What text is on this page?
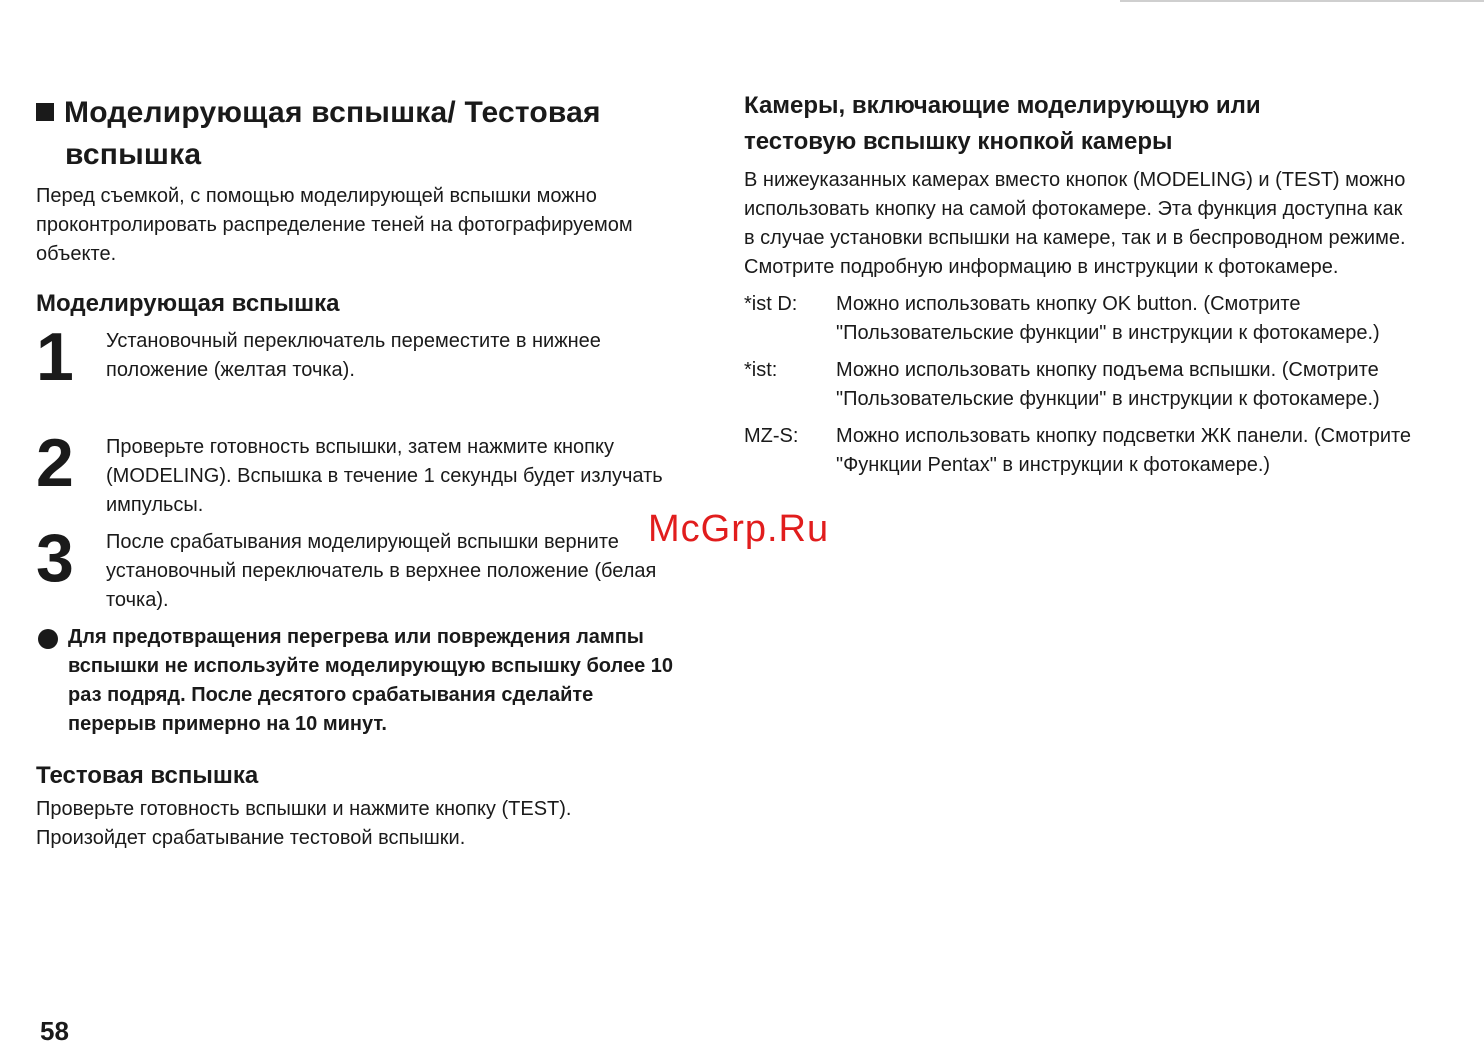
Моделирующая вспышка/ Тестовая
вспышка

Перед съемкой, с помощью моделирующей вспышки можно проконтролировать распределение теней на фотографируемом объекте.

Моделирующая вспышка
1 Установочный переключатель переместите в нижнее положение (желтая точка).
2 Проверьте готовность вспышки, затем нажмите кнопку (MODELING). Вспышка в течение 1 секунды будет излучать импульсы.
3 После срабатывания моделирующей вспышки верните установочный переключатель в верхнее положение (белая точка).
Для предотвращения перегрева или повреждения лампы вспышки не используйте моделирующую вспышку более 10 раз подряд. После десятого срабатывания сделайте перерыв примерно на 10 минут.
Тестовая вспышка

Проверьте готовность вспышки и нажмите кнопку (TEST). Произойдет срабатывание тестовой вспышки.

Камеры, включающие моделирующую или
тестовую вспышку кнопкой камеры

В нижеуказанных камерах вместо кнопок (MODELING) и (TEST) можно использовать кнопку на самой фотокамере. Эта функция доступна как в случае установки вспышки на камере, так и в беспроводном режиме. Смотрите подробную информацию в инструкции к фотокамере.

*ist D:	Можно использовать кнопку OK button. (Смотрите "Пользовательские функции" в инструкции к фотокамере.)
*ist:	Можно использовать кнопку подъема вспышки. (Смотрите "Пользовательские функции" в инструкции к фотокамере.)
MZ-S:	Можно использовать кнопку подсветки ЖК панели. (Смотрите "Функции Pentax" в инструкции к фотокамере.)
McGrp.Ru
58
